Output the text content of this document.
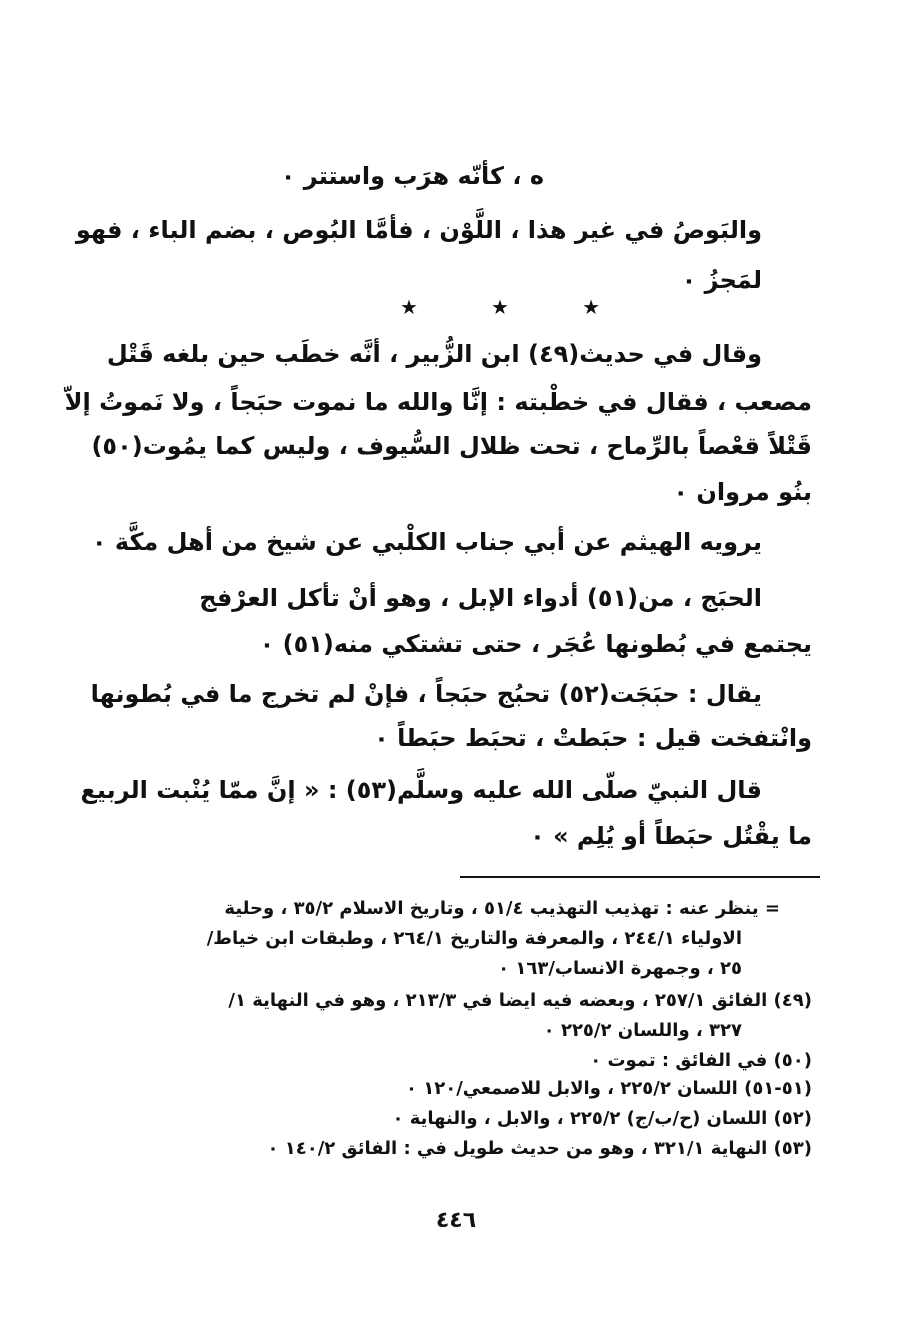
ه ، كأنّه هرَب واستتر ٠
والبَوصُ في غير هذا ، اللَّوْن ، فأمَّا البُوص ، بضم الباء ، فهو
لمَجزُ ٠
★	★	★
وقال في حديث(٤٩) ابن الزُّبير ، أنَّه خطَب حين بلغه قَتْل
مصعب ، فقال في خطْبته : إنَّا والله ما نموت حبَجاً ، ولا نَموتُ إلاّ
قَتْلاً قعْصاً بالرِّماح ، تحت ظلال السُّيوف ، وليس كما يمُوت(٥٠)
بنُو مروان ٠
يرويه الهيثم عن أبي جناب الكلْبي عن شيخ من أهل مكَّة ٠
الحبَج ، من(٥١) أدواء الإبل ، وهو أنْ تأكل العرْفج
يجتمع في بُطونها عُجَر ، حتى تشتكي منه(٥١) ٠
يقال : حبَجَت(٥٢) تحبُج حبَجاً ، فإنْ لم تخرج ما في بُطونها
وانْتفخت قيل : حبَطتْ ، تحبَط حبَطاً ٠
قال النبيّ صلّى الله عليه وسلَّم(٥٣) : « إنَّ ممّا يُنْبت الربيع
ما يقْتُل حبَطاً أو يُلِم » ٠
= ينظر عنه : تهذيب التهذيب ٥١/٤ ، وتاريخ الاسلام ٣٥/٢ ، وحلية
الاولياء ٢٤٤/١ ، والمعرفة والتاريخ ٢٦٤/١ ، وطبقات ابن خياط/
٢٥ ، وجمهرة الانساب/١٦٣ ٠
(٤٩) الفائق ٢٥٧/١ ، وبعضه فيه ايضا في ٢١٣/٣ ، وهو في النهاية ١/
٣٢٧ ، واللسان ٢٢٥/٢ ٠
(٥٠) في الفائق : تموت ٠
(٥١-٥١) اللسان ٢٢٥/٢ ، والابل للاصمعي/١٢٠ ٠
(٥٢) اللسان (ح/ب/ج) ٢٢٥/٢ ، والابل ، والنهاية ٠
(٥٣) النهاية ٣٢١/١ ، وهو من حديث طويل في : الفائق ١٤٠/٢ ٠
٤٤٦
